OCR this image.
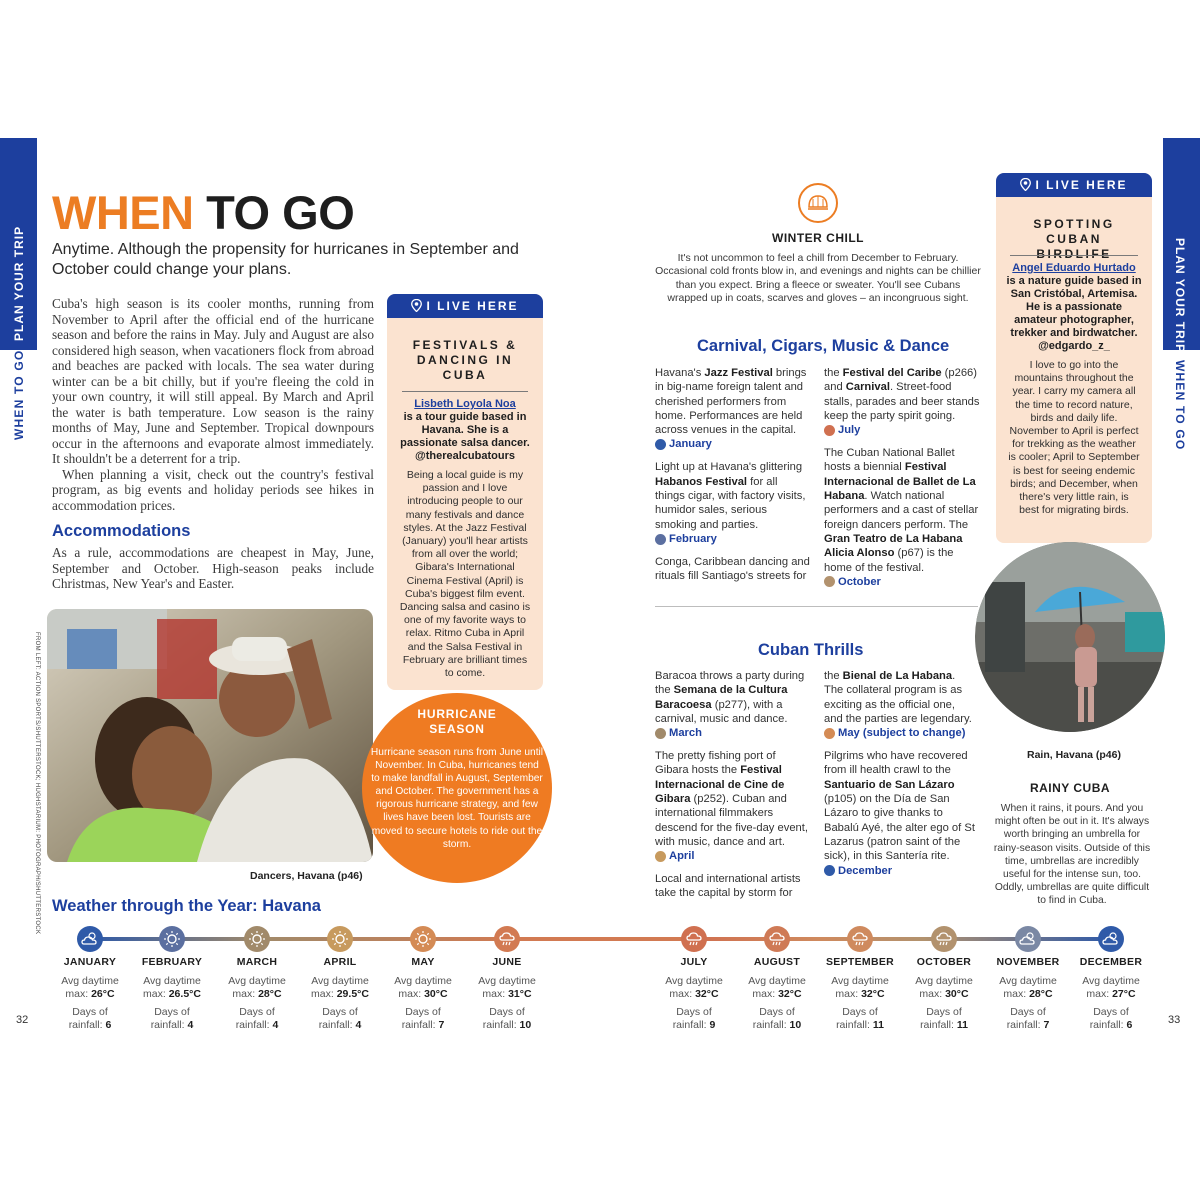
PLAN YOUR TRIP
WHEN TO GO
PLAN YOUR TRIP
WHEN TO GO
WHEN TO GO
Anytime. Although the propensity for hurricanes in September and October could change your plans.

Cuba's high season is its cooler months, running from November to April after the official end of the hurricane season and before the rains in May. July and August are also considered high season, when vacationers flock from abroad and beaches are packed with locals. The sea water during winter can be a bit chilly, but if you're fleeing the cold in your own country, it will still appeal. By March and April the water is bath temperature. Low season is the rainy months of May, June and September. Tropical downpours occur in the afternoons and evaporate almost immediately. It shouldn't be a deterrent for a trip.

When planning a visit, check out the country's festival program, as big events and holiday periods see hikes in accommodation prices.

Accommodations
As a rule, accommodations are cheapest in May, June, September and October. High-season peaks include Christmas, New Year's and Easter.
I LIVE HERE
FESTIVALS & DANCING IN CUBA
Lisbeth Loyola Noa
is a tour guide based in Havana. She is a passionate salsa dancer.
@therealcubatours
Being a local guide is my passion and I love introducing people to our many festivals and dance styles. At the Jazz Festival (January) you'll hear artists from all over the world; Gibara's International Cinema Festival (April) is Cuba's biggest film event. Dancing salsa and casino is one of my favorite ways to relax. Ritmo Cuba in April and the Salsa Festival in February are brilliant times to come.
FROM LEFT: ACTION SPORTS/SHUTTERSTOCK; HUGHSTARIUM: PHOTOGRAPH/SHUTTERSTOCK	Dancers, Havana (p46)
HURRICANE SEASON
Hurricane season runs from June until November. In Cuba, hurricanes tend to make landfall in August, September and October. The government has a rigorous hurricane strategy, and few lives have been lost. Tourists are moved to secure hotels to ride out the storm.
WINTER CHILL
It's not uncommon to feel a chill from December to February. Occasional cold fronts blow in, and evenings and nights can be chillier than you expect. Bring a fleece or sweater. You'll see Cubans wrapped up in coats, scarves and gloves – an incongruous sight.
Carnival, Cigars, Music & Dance

Havana's Jazz Festival brings in big-name foreign talent and cherished performers from home. Performances are held across venues in the capital.

January

Light up at Havana's glittering Habanos Festival for all things cigar, with factory visits, humidor sales, serious smoking and parties.
February

Conga, Caribbean dancing and rituals fill Santiago's streets for

the Festival del Caribe (p266) and Carnival. Street-food stalls, parades and beer stands keep the party spirit going.

July

The Cuban National Ballet hosts a biennial Festival Internacional de Ballet de La Habana. Watch national performers and a cast of stellar foreign dancers perform. The Gran Teatro de La Habana Alicia Alonso (p67) is the home of the festival.
October

Cuban Thrills

Baracoa throws a party during the Semana de la Cultura Baracoesa (p277), with a carnival, music and dance.

March

The pretty fishing port of Gibara hosts the Festival Internacional de Cine de Gibara (p252). Cuban and international filmmakers descend for the five-day event, with music, dance and art.

April

Local and international artists take the capital by storm for

the Bienal de La Habana. The collateral program is as exciting as the official one, and the parties are legendary.

May (subject to change)

Pilgrims who have recovered from ill health crawl to the Santuario de San Lázaro (p105) on the Día de San Lázaro to give thanks to Babalú Ayé, the alter ego of St Lazarus (patron saint of the sick), in this Santería rite.

December

I LIVE HERE
SPOTTING CUBAN BIRDLIFE
Angel Eduardo Hurtado
is a nature guide based in San Cristóbal, Artemisa. He is a passionate amateur photographer, trekker and birdwatcher.
@edgardo_z_
I love to go into the mountains throughout the year. I carry my camera all the time to record nature, birds and daily life. November to April is perfect for trekking as the weather is cooler; April to September is best for seeing endemic birds; and December, when there's very little rain, is best for migrating birds.
Rain, Havana (p46)
RAINY CUBA
When it rains, it pours. And you might often be out in it. It's always worth bringing an umbrella for rainy-season visits. Outside of this time, umbrellas are incredibly useful for the intense sun, too. Oddly, umbrellas are quite difficult to find in Cuba.
Weather through the Year: Havana
JANUARY
Avg daytime
max: 26°C
Days of
rainfall: 6
FEBRUARY
Avg daytime
max: 26.5°C
Days of
rainfall: 4
MARCH
Avg daytime
max: 28°C
Days of
rainfall: 4
APRIL
Avg daytime
max: 29.5°C
Days of
rainfall: 4
MAY
Avg daytime
max: 30°C
Days of
rainfall: 7
JUNE
Avg daytime
max: 31°C
Days of
rainfall: 10
JULY
Avg daytime
max: 32°C
Days of
rainfall: 9
AUGUST
Avg daytime
max: 32°C
Days of
rainfall: 10
SEPTEMBER
Avg daytime
max: 32°C
Days of
rainfall: 11
OCTOBER
Avg daytime
max: 30°C
Days of
rainfall: 11
NOVEMBER
Avg daytime
max: 28°C
Days of
rainfall: 7
DECEMBER
Avg daytime
max: 27°C
Days of
rainfall: 6
32	33
